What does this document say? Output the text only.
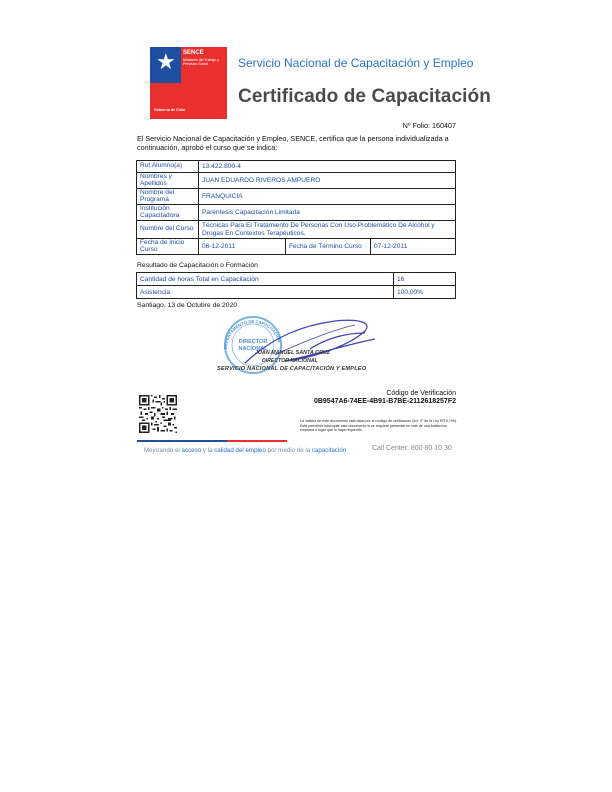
★ SENCE
Ministerio del Trabajo y Previsión Social
Gobierno de Chile
Servicio Nacional de Capacitación y Empleo
Certificado de Capacitación
Nº Folio: 160407
El Servicio Nacional de Capacitación y Empleo, SENCE, certifica que la persona individualizada a continuación, aprobó el curso que se indica:
Rut Alumno(a)	13.422.800-4		
Nombres y Apellidos	JUAN EDUARDO RIVEROS AMPUERO		
Nombre del Programa	FRANQUICIA		
Institución Capacitadora	Paréntesis Capacitación Limitada		
Nombre del Curso	Técnicas Para El Tratamiento De Personas Con Uso Problemático De Alcohol y Drogas En Contextos Terapéuticos.		
Fecha de inicio Curso	06-12-2011	Fecha de Término Curso	07-12-2011
Resultado de Capacitación o Formación
Cantidad de horas Total en Capacitación	16
Asistencia	100,00%
Santiago, 13 de Octubre de 2020
DEPARTAMENTO DE CAPACITACIÓN
DIRECTOR
NACIONAL
JUAN MANUEL SANTA CRUZ
DIRECTOR NACIONAL
SERVICIO NACIONAL DE CAPACITACIÓN Y EMPLEO
Código de Verificación
0B9547A6-74EE-4B91-B7BE-2112618257F2
La validez de este documento está dada por su código de verificación (Art. 3° de la Ley Nº19.799). Está permitido fotocopiar este documento si se requiere presentar en más de una institución, empresa o lugar que lo haya requerido.
Mejorando el acceso y la calidad del empleo por medio de la capacitación	Call Center: 800 80 10 30
